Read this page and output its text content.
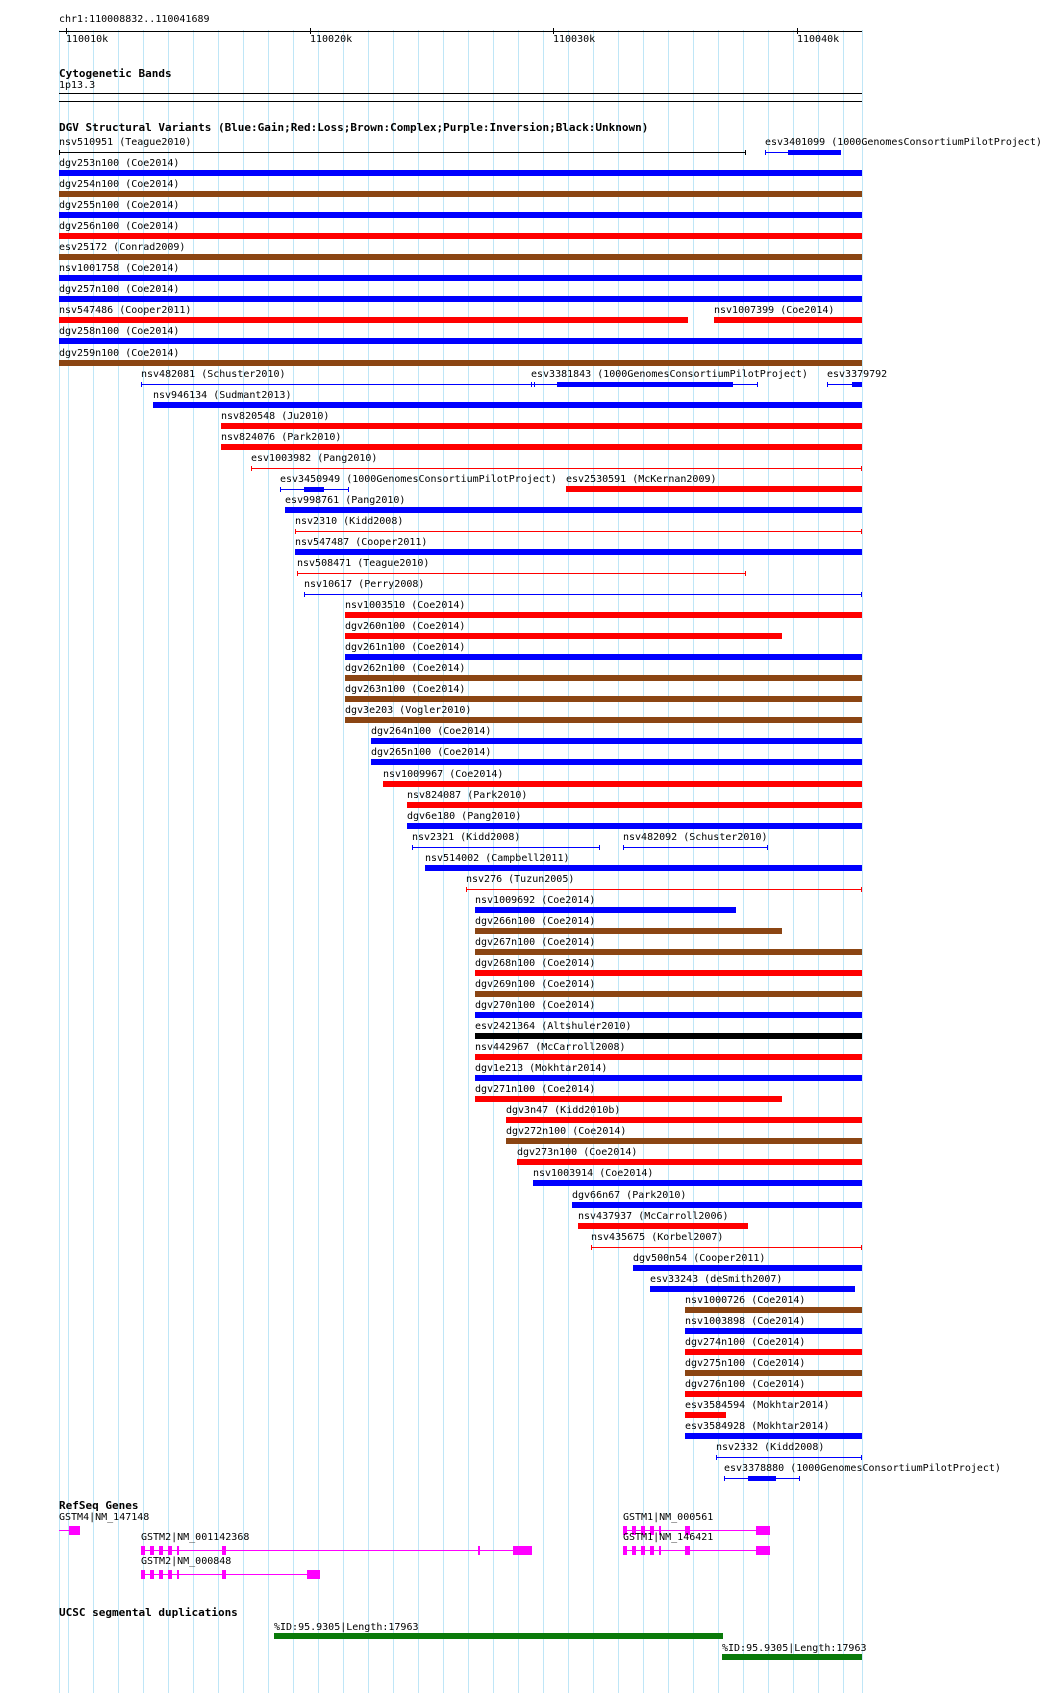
chr1:110008832..110041689
110010k	110020k	110030k	110040k
Cytogenetic Bands
1p13.3
DGV Structural Variants (Blue:Gain;Red:Loss;Brown:Complex;Purple:Inversion;Black:Unknown)
nsv510951 (Teague2010)	esv3401099 (1000GenomesConsortiumPilotProject)
dgv253n100 (Coe2014)
dgv254n100 (Coe2014)
dgv255n100 (Coe2014)
dgv256n100 (Coe2014)
esv25172 (Conrad2009)
nsv1001758 (Coe2014)
dgv257n100 (Coe2014)
nsv547486 (Cooper2011)	nsv1007399 (Coe2014)
dgv258n100 (Coe2014)
dgv259n100 (Coe2014)
nsv482081 (Schuster2010)	esv3381843 (1000GenomesConsortiumPilotProject) esv3379792
nsv946134 (Sudmant2013)
nsv820548 (Ju2010)
nsv824076 (Park2010)
esv1003982 (Pang2010)
esv3450949 (1000GenomesConsortiumPilotProject) esv2530591 (McKernan2009)
esv998761 (Pang2010)
nsv2310 (Kidd2008)
nsv547487 (Cooper2011)
nsv508471 (Teague2010)
nsv10617 (Perry2008)
nsv1003510 (Coe2014)
dgv260n100 (Coe2014)
dgv261n100 (Coe2014)
dgv262n100 (Coe2014)
dgv263n100 (Coe2014)
dgv3e203 (Vogler2010)
dgv264n100 (Coe2014)
dgv265n100 (Coe2014)
nsv1009967 (Coe2014)
nsv824087 (Park2010)
dgv6e180 (Pang2010)
nsv2321 (Kidd2008)	nsv482092 (Schuster2010)
nsv514002 (Campbell2011)
nsv276 (Tuzun2005)
nsv1009692 (Coe2014)
dgv266n100 (Coe2014)
dgv267n100 (Coe2014)
dgv268n100 (Coe2014)
dgv269n100 (Coe2014)
dgv270n100 (Coe2014)
esv2421364 (Altshuler2010)
nsv442967 (McCarroll2008)
dgv1e213 (Mokhtar2014)
dgv271n100 (Coe2014)
dgv3n47 (Kidd2010b)
dgv272n100 (Coe2014)
dgv273n100 (Coe2014)
nsv1003914 (Coe2014)
dgv66n67 (Park2010)
nsv437937 (McCarroll2006)
nsv435675 (Korbel2007)
dgv500n54 (Cooper2011)
esv33243 (deSmith2007)
nsv1000726 (Coe2014)
nsv1003898 (Coe2014)
dgv274n100 (Coe2014)
dgv275n100 (Coe2014)
dgv276n100 (Coe2014)
esv3584594 (Mokhtar2014)
esv3584928 (Mokhtar2014)
nsv2332 (Kidd2008)
esv3378880 (1000GenomesConsortiumPilotProject)
RefSeq Genes
GSTM4|NM_147148
GSTM2|NM_001142368
GSTM2|NM_000848
GSTM1|NM_000561
GSTM1|NM_146421
UCSC segmental duplications
%ID:95.9305|Length:17963
%ID:95.9305|Length:17963
